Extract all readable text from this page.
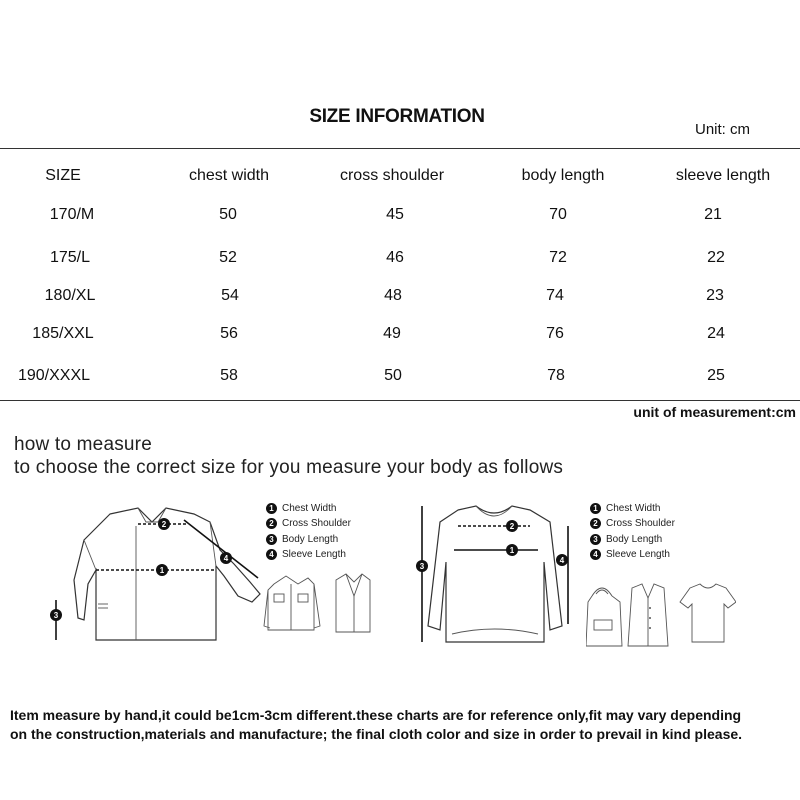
SIZE INFORMATION
Unit: cm
SIZE	chest width	cross shoulder	body length	sleeve length
170/M	50	45	70	21
175/L	52	46	72	22
180/XL	54	48	74	23
185/XXL	56	49	76	24
190/XXXL	58	50	78	25
unit of measurement:cm
how to measure
to choose the correct size for you measure your body as follows
1
2
3
4
1 Chest Width
2 Cross Shoulder
3 Body Length
4 Sleeve Length	1
2
3
4
1 Chest Width
2 Cross Shoulder
3 Body Length
4 Sleeve Length
Item measure by hand,it could be1cm-3cm different.these charts are for reference only,fit may vary depending
on the construction,materials and manufacture; the final cloth color and size in order to prevail in kind please.
